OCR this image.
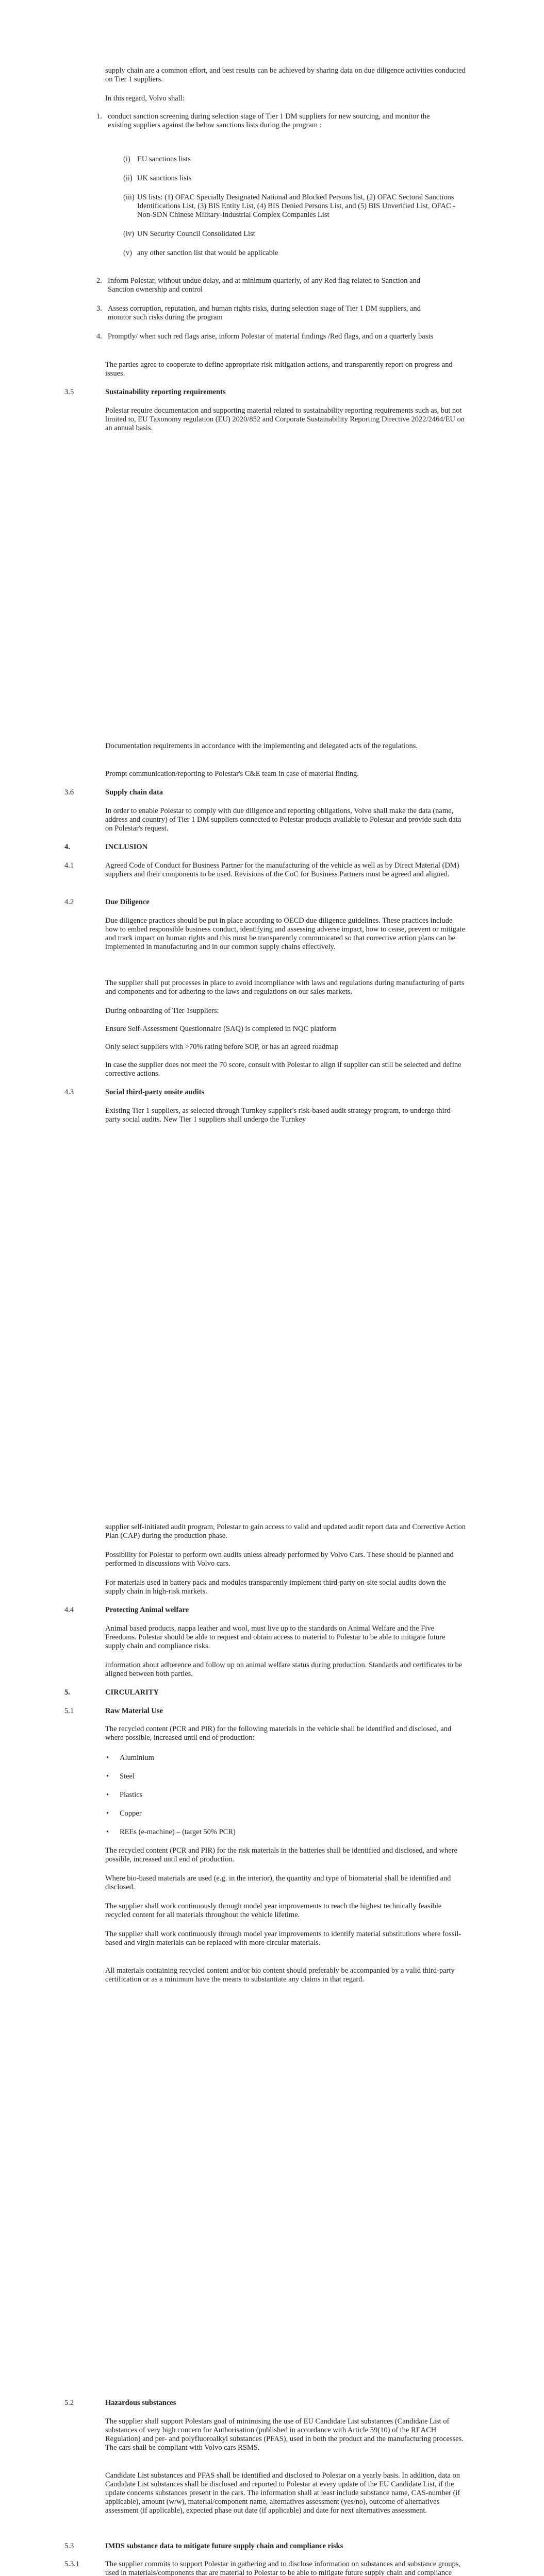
supply chain are a common effort, and best results can be achieved by sharing data on due diligence activities conducted on Tier 1 suppliers.
In this regard, Volvo shall:
1. conduct sanction screening during selection stage of Tier 1 DM suppliers for new sourcing, and monitor the existing suppliers against the below sanctions lists during the program :
(i) EU sanctions lists
(ii) UK sanctions lists
(iii) US lists: (1) OFAC Specially Designated National and Blocked Persons list, (2) OFAC Sectoral Sanctions Identifications List, (3) BIS Entity List, (4) BIS Denied Persons List, and (5) BIS Unverified List, OFAC - Non-SDN Chinese Military-Industrial Complex Companies List
(iv) UN Security Council Consolidated List
(v) any other sanction list that would be applicable
2. Inform Polestar, without undue delay, and at minimum quarterly, of any Red flag related to Sanction and Sanction ownership and control
3. Assess corruption, reputation, and human rights risks, during selection stage of Tier 1 DM suppliers, and monitor such risks during the program
4. Promptly/ when such red flags arise, inform Polestar of material findings /Red flags, and on a quarterly basis
The parties agree to cooperate to define appropriate risk mitigation actions, and transparently report on progress and issues.
3.5	Sustainability reporting requirements
Polestar require documentation and supporting material related to sustainability reporting requirements such as, but not limited to, EU Taxonomy regulation (EU) 2020/852 and Corporate Sustainability Reporting Directive 2022/2464/EU on an annual basis.
Documentation requirements in accordance with the implementing and delegated acts of the regulations.
Prompt communication/reporting to Polestar's C&E team in case of material finding.
3.6	Supply chain data
In order to enable Polestar to comply with due diligence and reporting obligations, Volvo shall make the data (name, address and country) of Tier 1 DM suppliers connected to Polestar products available to Polestar and provide such data on Polestar's request.
4.	INCLUSION
4.1	Agreed Code of Conduct for Business Partner for the manufacturing of the vehicle as well as by Direct Material (DM) suppliers and their components to be used. Revisions of the CoC for Business Partners must be agreed and aligned.
4.2	Due Diligence
Due diligence practices should be put in place according to OECD due diligence guidelines. These practices include how to embed responsible business conduct, identifying and assessing adverse impact, how to cease, prevent or mitigate and track impact on human rights and this must be transparently communicated so that corrective action plans can be implemented in manufacturing and in our common supply chains effectively.
The supplier shall put processes in place to avoid incompliance with laws and regulations during manufacturing of parts and components and for adhering to the laws and regulations on our sales markets.
During onboarding of Tier 1suppliers:
Ensure Self-Assessment Questionnaire (SAQ) is completed in NQC platform
Only select suppliers with >70% rating before SOP, or has an agreed roadmap
In case the supplier does not meet the 70 score, consult with Polestar to align if supplier can still be selected and define corrective actions.
4.3	Social third-party onsite audits
Existing Tier 1 suppliers, as selected through Turnkey supplier's risk-based audit strategy program, to undergo third-party social audits. New Tier 1 suppliers shall undergo the Turnkey
supplier self-initiated audit program, Polestar to gain access to valid and updated audit report data and Corrective Action Plan (CAP) during the production phase.
Possibility for Polestar to perform own audits unless already performed by Volvo Cars. These should be planned and performed in discussions with Volvo cars.
For materials used in battery pack and modules transparently implement third-party on-site social audits down the supply chain in high-risk markets.
4.4	Protecting Animal welfare
Animal based products, nappa leather and wool, must live up to the standards on Animal Welfare and the Five Freedoms. Polestar should be able to request and obtain access to material to Polestar to be able to mitigate future supply chain and compliance risks.
information about adherence and follow up on animal welfare status during production. Standards and certificates to be aligned between both parties.
5.	CIRCULARITY
5.1	Raw Material Use
The recycled content (PCR and PIR) for the following materials in the vehicle shall be identified and disclosed, and where possible, increased until end of production:
• Aluminium
• Steel
• Plastics
• Copper
• REEs (e-machine) – (target 50% PCR)
The recycled content (PCR and PIR) for the risk materials in the batteries shall be identified and disclosed, and where possible, increased until end of production.
Where bio-based materials are used (e.g. in the interior), the quantity and type of biomaterial shall be identified and disclosed.
The supplier shall work continuously through model year improvements to reach the highest technically feasible recycled content for all materials throughout the vehicle lifetime.
The supplier shall work continuously through model year improvements to identify material substitutions where fossil-based and virgin materials can be replaced with more circular materials.
All materials containing recycled content and/or bio content should preferably be accompanied by a valid third-party certification or as a minimum have the means to substantiate any claims in that regard.
5.2	Hazardous substances
The supplier shall support Polestars goal of minimising the use of EU Candidate List substances (Candidate List of substances of very high concern for Authorisation (published in accordance with Article 59(10) of the REACH Regulation) and per- and polyfluoroalkyl substances (PFAS), used in both the product and the manufacturing processes. The cars shall be compliant with Volvo cars RSMS.
Candidate List substances and PFAS shall be identified and disclosed to Polestar on a yearly basis. In addition, data on Candidate List substances shall be disclosed and reported to Polestar at every update of the EU Candidate List, if the update concerns substances present in the cars. The information shall at least include substance name, CAS-number (if applicable), amount (w/w), material/component name, alternatives assessment (yes/no), outcome of alternatives assessment (if applicable), expected phase out date (if applicable) and date for next alternatives assessment.
5.3	IMDS substance data to mitigate future supply chain and compliance risks
5.3.1	The supplier commits to support Polestar in gathering and to disclose information on substances and substance groups, used in materials/components that are material to Polestar to be able to mitigate future supply chain and compliance
